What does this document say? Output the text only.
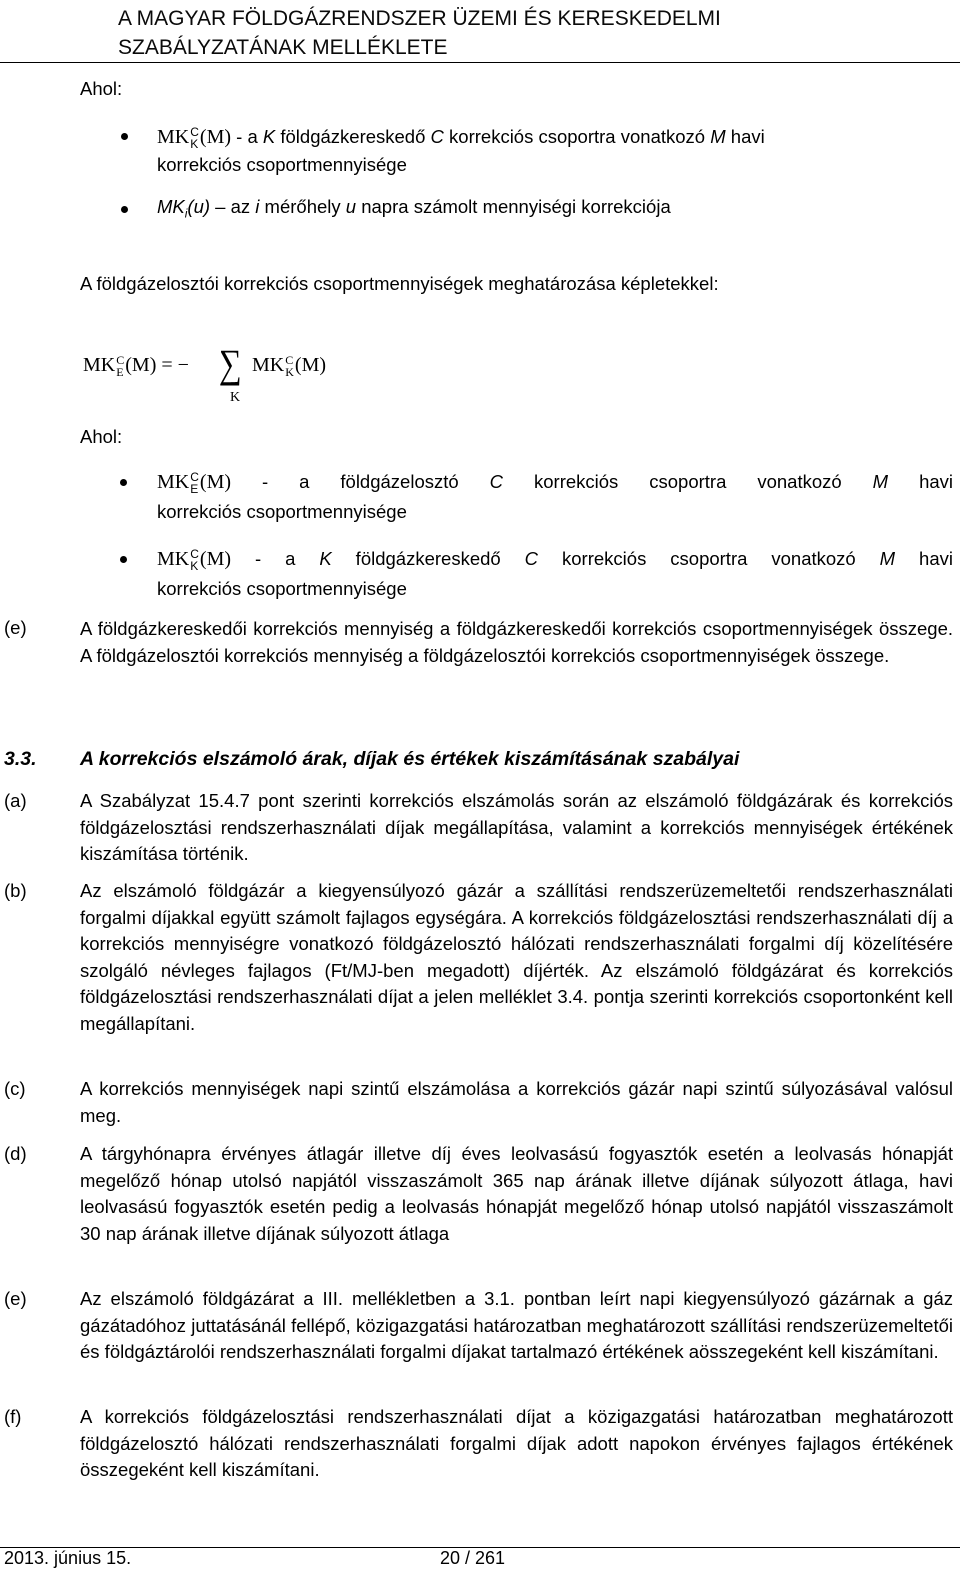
A MAGYAR FÖLDGÁZRENDSZER ÜZEMI ÉS KERESKEDELMI
SZABÁLYZATÁNAK MELLÉKLETE
Ahol:
MK C
K (M) - a K földgázkereskedő C korrekciós csoportra vonatkozó M havi
korrekciós csoportmennyisége
$MK_i(u)$ – az i mérőhely u napra számolt mennyiségi korrekciója
A földgázelosztói korrekciós csoportmennyiségek meghatározása képletekkel:
MK C
E (M) = − ∑
K
MK C
K (M)
Ahol:
MK C
E (M) - a földgázelosztó C korrekciós csoportra vonatkozó M havi
korrekciós csoportmennyisége
MK C
K (M) - a K földgázkereskedő C korrekciós csoportra vonatkozó M havi
korrekciós csoportmennyisége
(e)	A földgázkereskedői korrekciós mennyiség a földgázkereskedői korrekciós csoportmennyiségek összege. A földgázelosztói korrekciós mennyiség a földgázelosztói korrekciós csoportmennyiségek összege.
3.3. A korrekciós elszámoló árak, díjak és értékek kiszámításának szabályai
(a)	A Szabályzat 15.4.7 pont szerinti korrekciós elszámolás során az elszámoló földgázárak és korrekciós földgázelosztási rendszerhasználati díjak megállapítása, valamint a korrekciós mennyiségek értékének kiszámítása történik.
(b)	Az elszámoló földgázár a kiegyensúlyozó gázár a szállítási rendszerüzemeltetői rendszerhasználati forgalmi díjakkal együtt számolt fajlagos egységára. A korrekciós földgázelosztási rendszerhasználati díj a korrekciós mennyiségre vonatkozó földgázelosztó hálózati rendszerhasználati forgalmi díj közelítésére szolgáló névleges fajlagos (Ft/MJ-ben megadott) díjérték. Az elszámoló földgázárat és korrekciós földgázelosztási rendszerhasználati díjat a jelen melléklet 3.4. pontja szerinti korrekciós csoportonként kell megállapítani.
(c)	A korrekciós mennyiségek napi szintű elszámolása a korrekciós gázár napi szintű súlyozásával valósul meg.
(d)	A tárgyhónapra érvényes átlagár illetve díj éves leolvasású fogyasztók esetén a leolvasás hónapját megelőző hónap utolsó napjától visszaszámolt 365 nap árának illetve díjának súlyozott átlaga, havi leolvasású fogyasztók esetén pedig a leolvasás hónapját megelőző hónap utolsó napjától visszaszámolt 30 nap árának illetve díjának súlyozott átlaga
(e)	Az elszámoló földgázárat a III. mellékletben a 3.1. pontban leírt napi kiegyensúlyozó gázárnak a gáz gázátadóhoz juttatásánál fellépő, közigazgatási határozatban meghatározott szállítási rendszerüzemeltetői és földgáztárolói rendszerhasználati forgalmi díjakat tartalmazó értékének aösszegeként kell kiszámítani.
(f)	A korrekciós földgázelosztási rendszerhasználati díjat a közigazgatási határozatban meghatározott földgázelosztó hálózati rendszerhasználati forgalmi díjak adott napokon érvényes fajlagos értékének összegeként kell kiszámítani.
2013. június 15.	20 / 261
